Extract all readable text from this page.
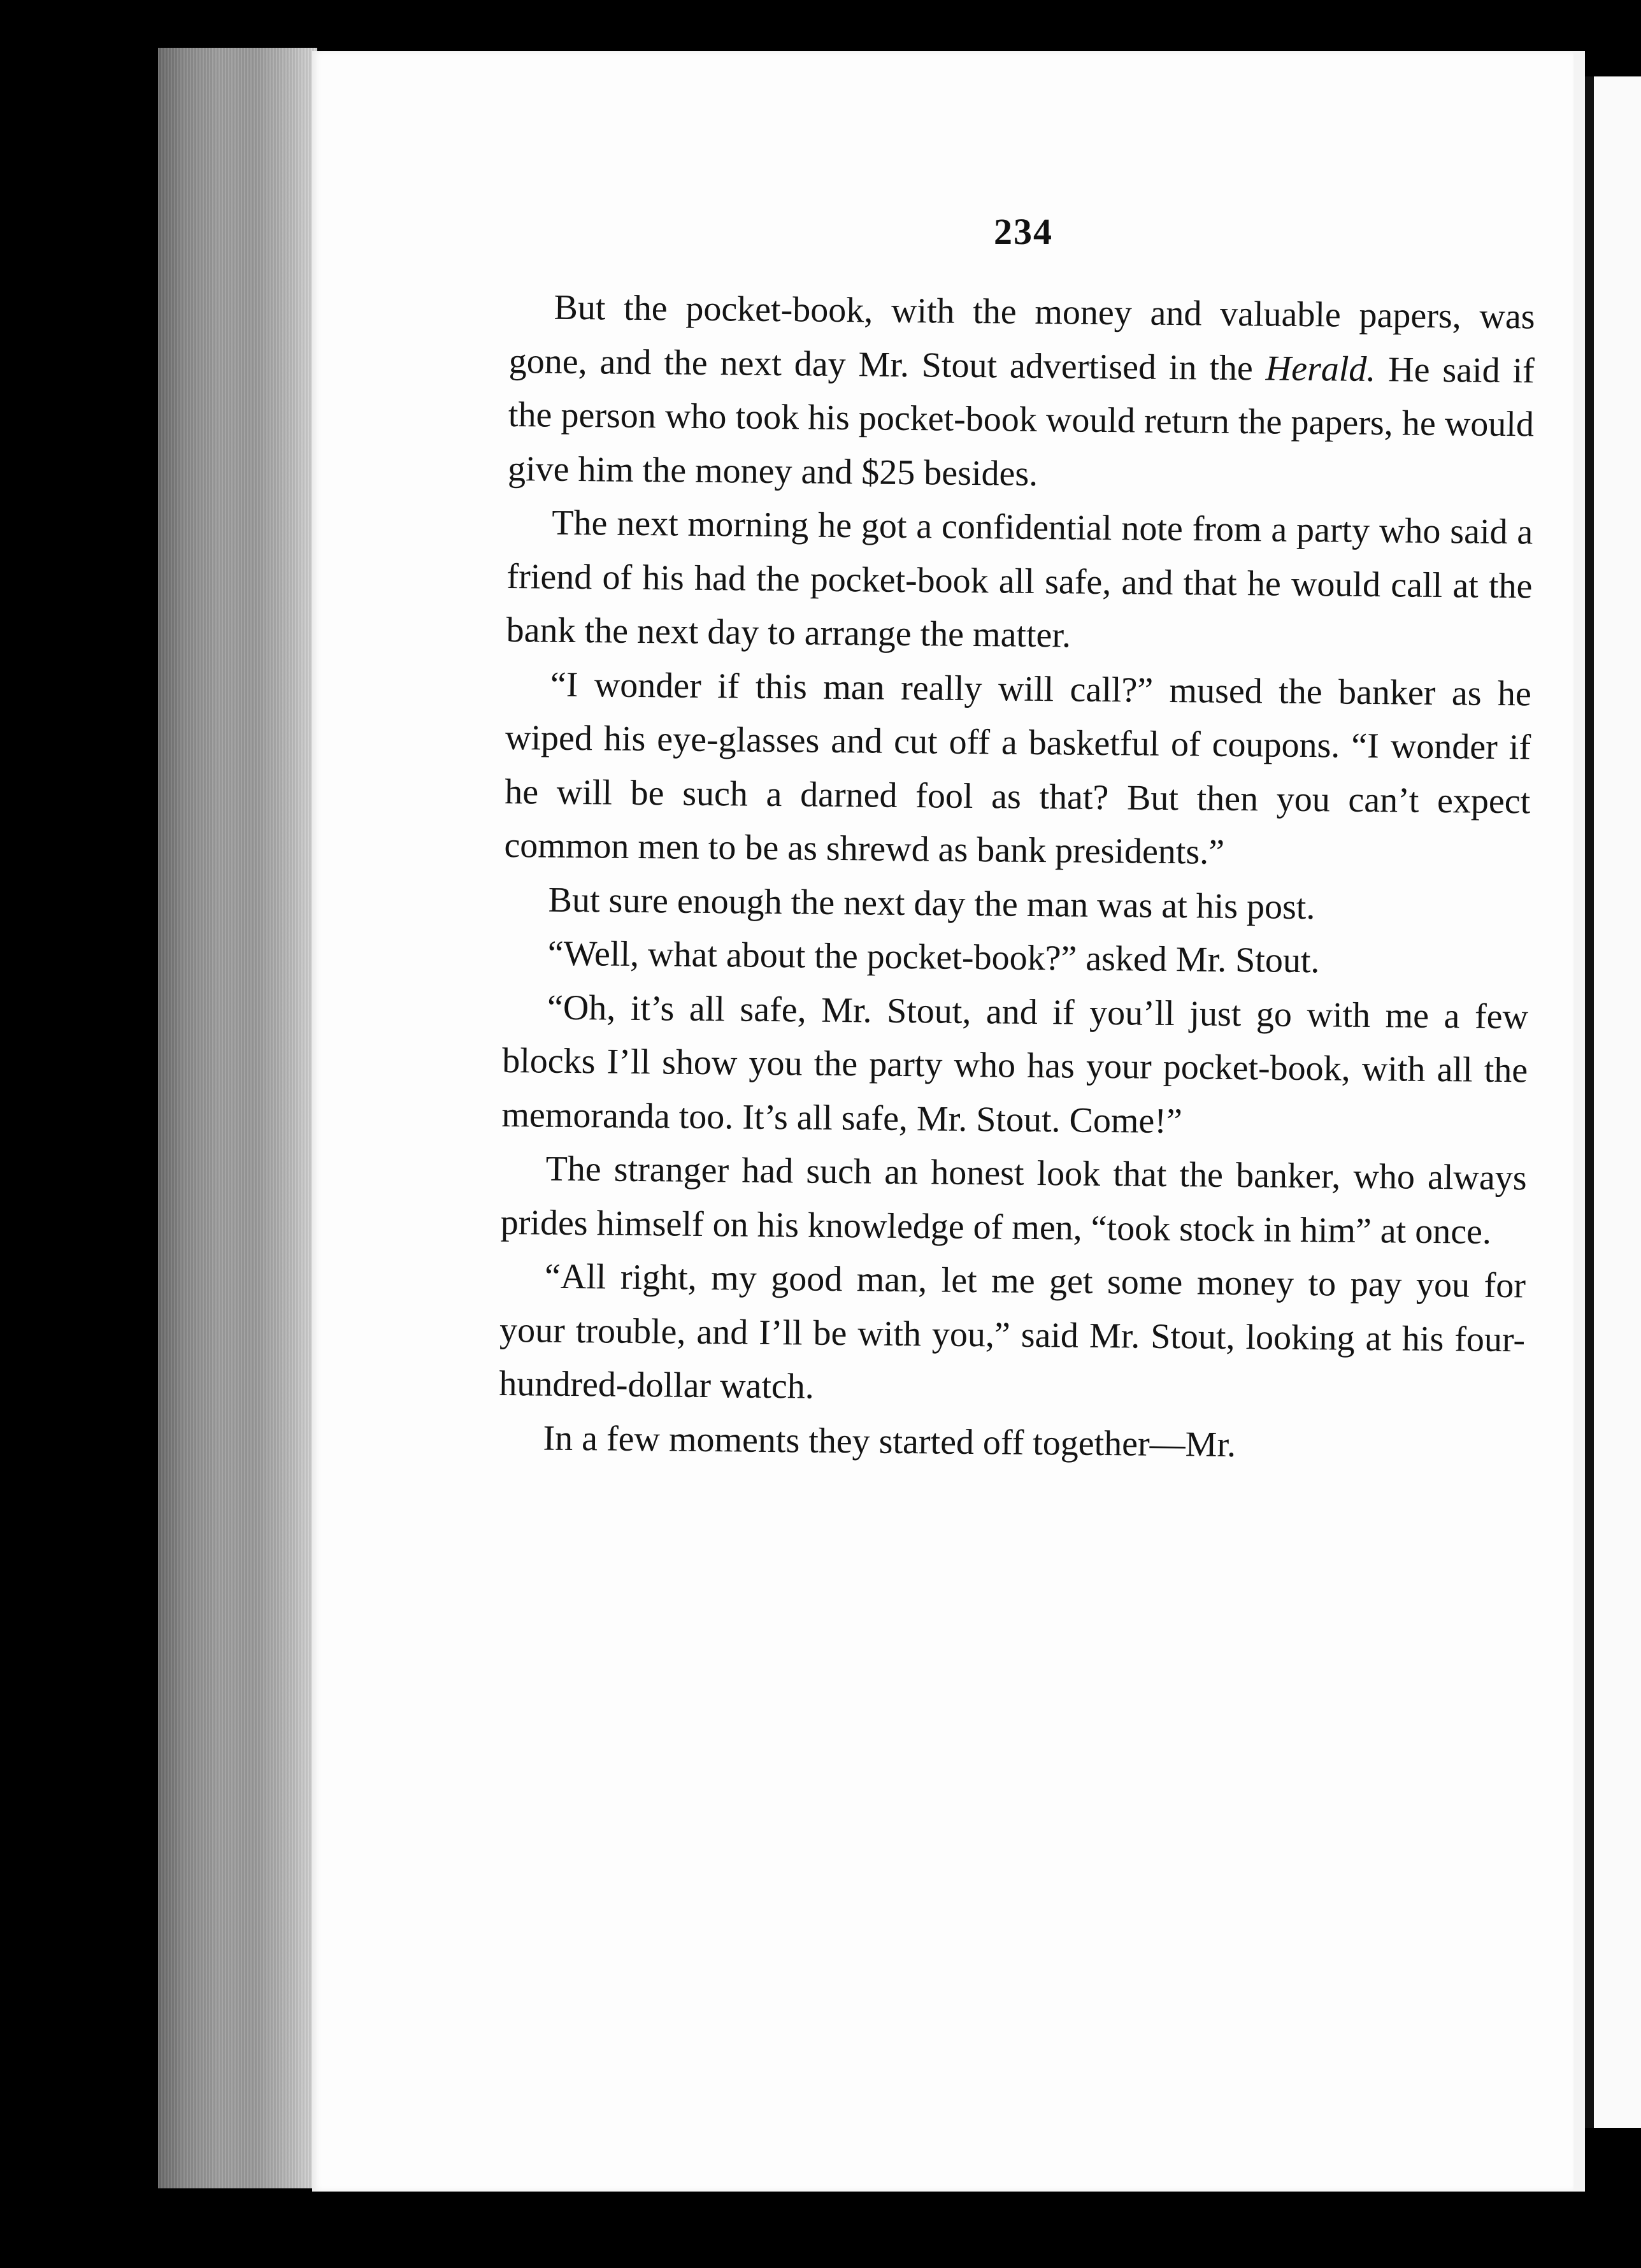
234

But the pocket-book, with the money and valuable papers, was gone, and the next day Mr. Stout advertised in the Herald. He said if the person who took his pocket-book would return the papers, he would give him the money and $25 besides.

The next morning he got a confidential note from a party who said a friend of his had the pocket-book all safe, and that he would call at the bank the next day to arrange the matter.

“I wonder if this man really will call?” mused the banker as he wiped his eye-glasses and cut off a basketful of coupons. “I wonder if he will be such a darned fool as that? But then you can’t expect common men to be as shrewd as bank presidents.”

But sure enough the next day the man was at his post.

“Well, what about the pocket-book?” asked Mr. Stout.

“Oh, it’s all safe, Mr. Stout, and if you’ll just go with me a few blocks I’ll show you the party who has your pocket-book, with all the memoranda too. It’s all safe, Mr. Stout. Come!”

The stranger had such an honest look that the banker, who always prides himself on his knowledge of men, “took stock in him” at once.

“All right, my good man, let me get some money to pay you for your trouble, and I’ll be with you,” said Mr. Stout, looking at his four-hundred-dollar watch.

In a few moments they started off together—Mr.
